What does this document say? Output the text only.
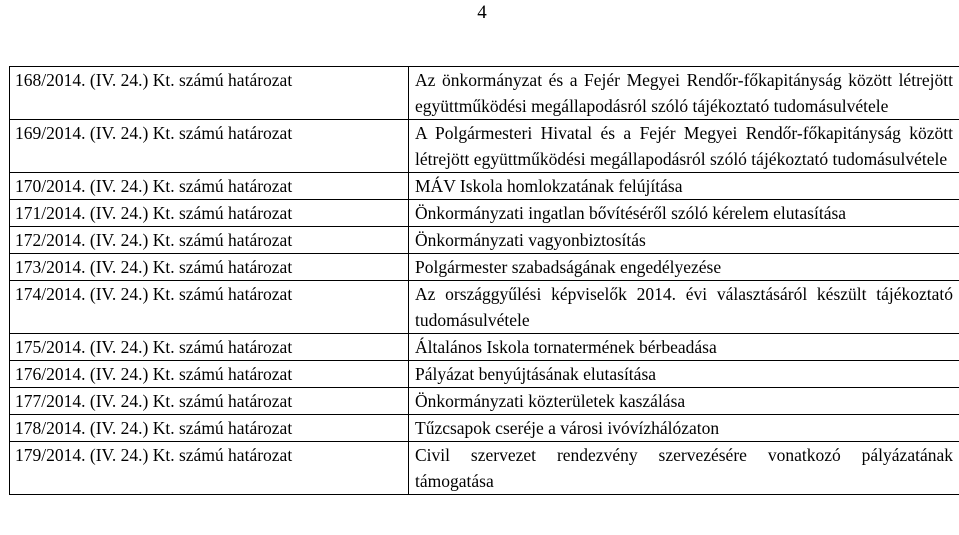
4
168/2014. (IV. 24.) Kt. számú határozat	Az önkormányzat és a Fejér Megyei Rendőr-főkapitányság között létrejött együttműködési megállapodásról szóló tájékoztató tudomásulvétele
169/2014. (IV. 24.) Kt. számú határozat	A Polgármesteri Hivatal és a Fejér Megyei Rendőr-főkapitányság között létrejött együttműködési megállapodásról szóló tájékoztató tudomásulvétele
170/2014. (IV. 24.) Kt. számú határozat	MÁV Iskola homlokzatának felújítása
171/2014. (IV. 24.) Kt. számú határozat	Önkormányzati ingatlan bővítéséről szóló kérelem elutasítása
172/2014. (IV. 24.) Kt. számú határozat	Önkormányzati vagyonbiztosítás
173/2014. (IV. 24.) Kt. számú határozat	Polgármester szabadságának engedélyezése
174/2014. (IV. 24.) Kt. számú határozat	Az országgyűlési képviselők 2014. évi választásáról készült tájékoztató tudomásulvétele
175/2014. (IV. 24.) Kt. számú határozat	Általános Iskola tornatermének bérbeadása
176/2014. (IV. 24.) Kt. számú határozat	Pályázat benyújtásának elutasítása
177/2014. (IV. 24.) Kt. számú határozat	Önkormányzati közterületek kaszálása
178/2014. (IV. 24.) Kt. számú határozat	Tűzcsapok cseréje a városi ivóvízhálózaton
179/2014. (IV. 24.) Kt. számú határozat	Civil szervezet rendezvény szervezésére vonatkozó pályázatának támogatása
